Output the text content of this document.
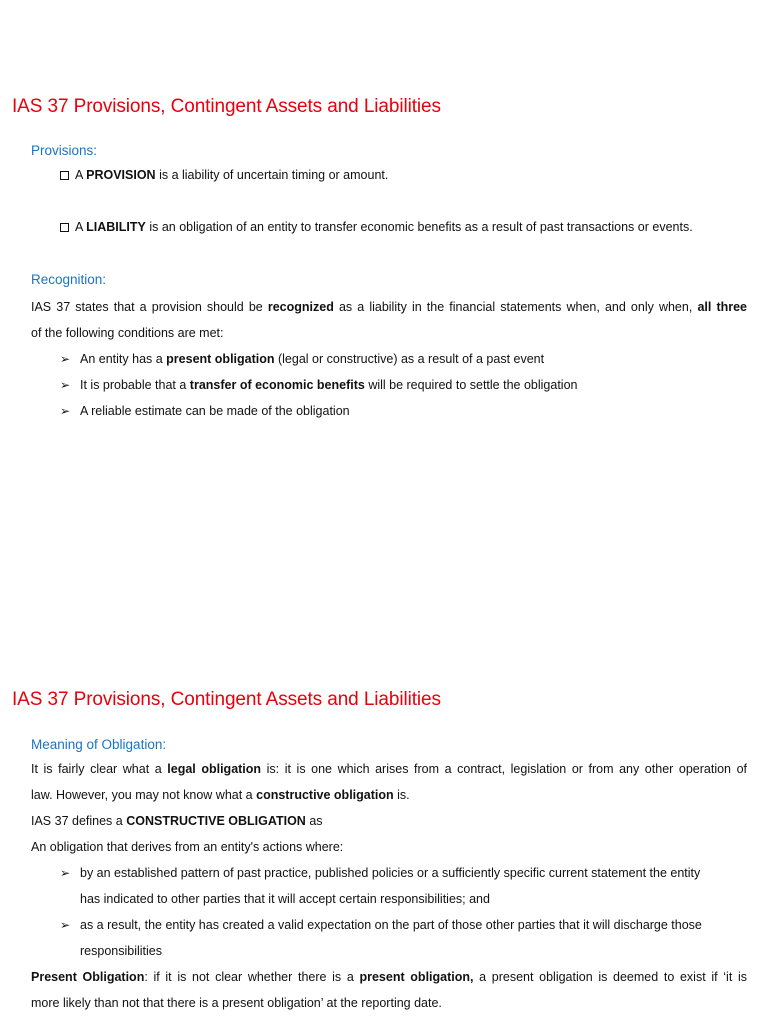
IAS 37 Provisions, Contingent Assets and Liabilities
Provisions:
A PROVISION is a liability of uncertain timing or amount.
A LIABILITY is an obligation of an entity to transfer economic benefits as a result of past transactions or events.
Recognition:
IAS 37 states that a provision should be recognized as a liability in the financial statements when, and only when, all three
of the following conditions are met:
➢ An entity has a present obligation (legal or constructive) as a result of a past event
➢ It is probable that a transfer of economic benefits will be required to settle the obligation
➢ A reliable estimate can be made of the obligation
IAS 37 Provisions, Contingent Assets and Liabilities
Meaning of Obligation:
It is fairly clear what a legal obligation is: it is one which arises from a contract, legislation or from any other operation of
law. However, you may not know what a constructive obligation is.
IAS 37 defines a CONSTRUCTIVE OBLIGATION as
An obligation that derives from an entity's actions where:
➢ by an established pattern of past practice, published policies or a sufficiently specific current statement the entity
has indicated to other parties that it will accept certain responsibilities; and
➢ as a result, the entity has created a valid expectation on the part of those other parties that it will discharge those
responsibilities
Present Obligation: if it is not clear whether there is a present obligation, a present obligation is deemed to exist if ‘it is
more likely than not that there is a present obligation’ at the reporting date.
